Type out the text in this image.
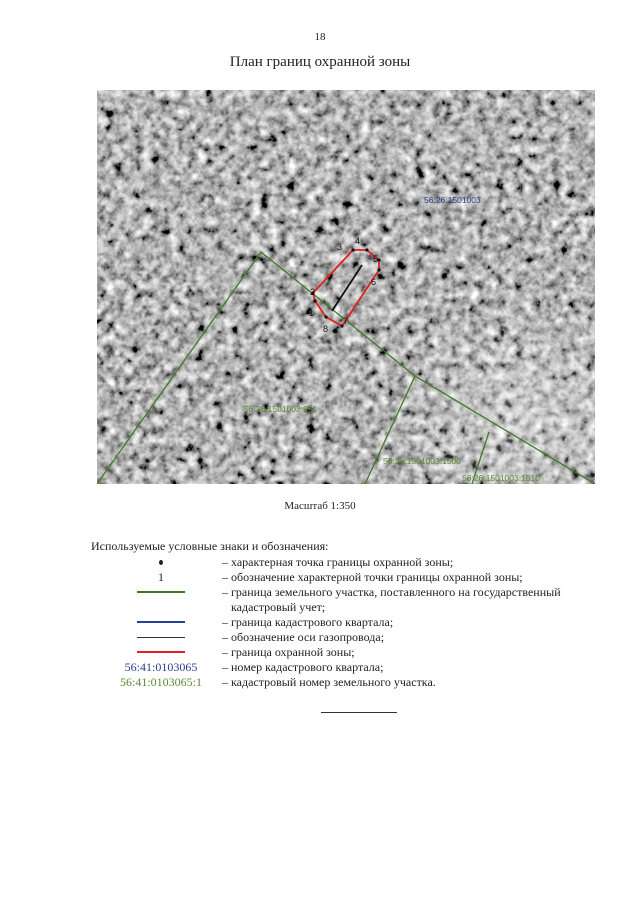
18
План границ охранной зоны
1
2
3
4
5
6
7
8
56:26:1501003
56:26:1501003:951
56:26:1501003:1500
56:26:1501003:1510
Масштаб 1:350
Используемые условные знаки и обозначения:
– характерная точка границы охранной зоны;
1	– обозначение характерной точки границы охранной зоны;
– граница земельного участка, поставленного на государственный
кадастровый учет;
– граница кадастрового квартала;
– обозначение оси газопровода;
– граница охранной зоны;
56:41:0103065	– номер кадастрового квартала;
56:41:0103065:1	– кадастровый номер земельного участка.
